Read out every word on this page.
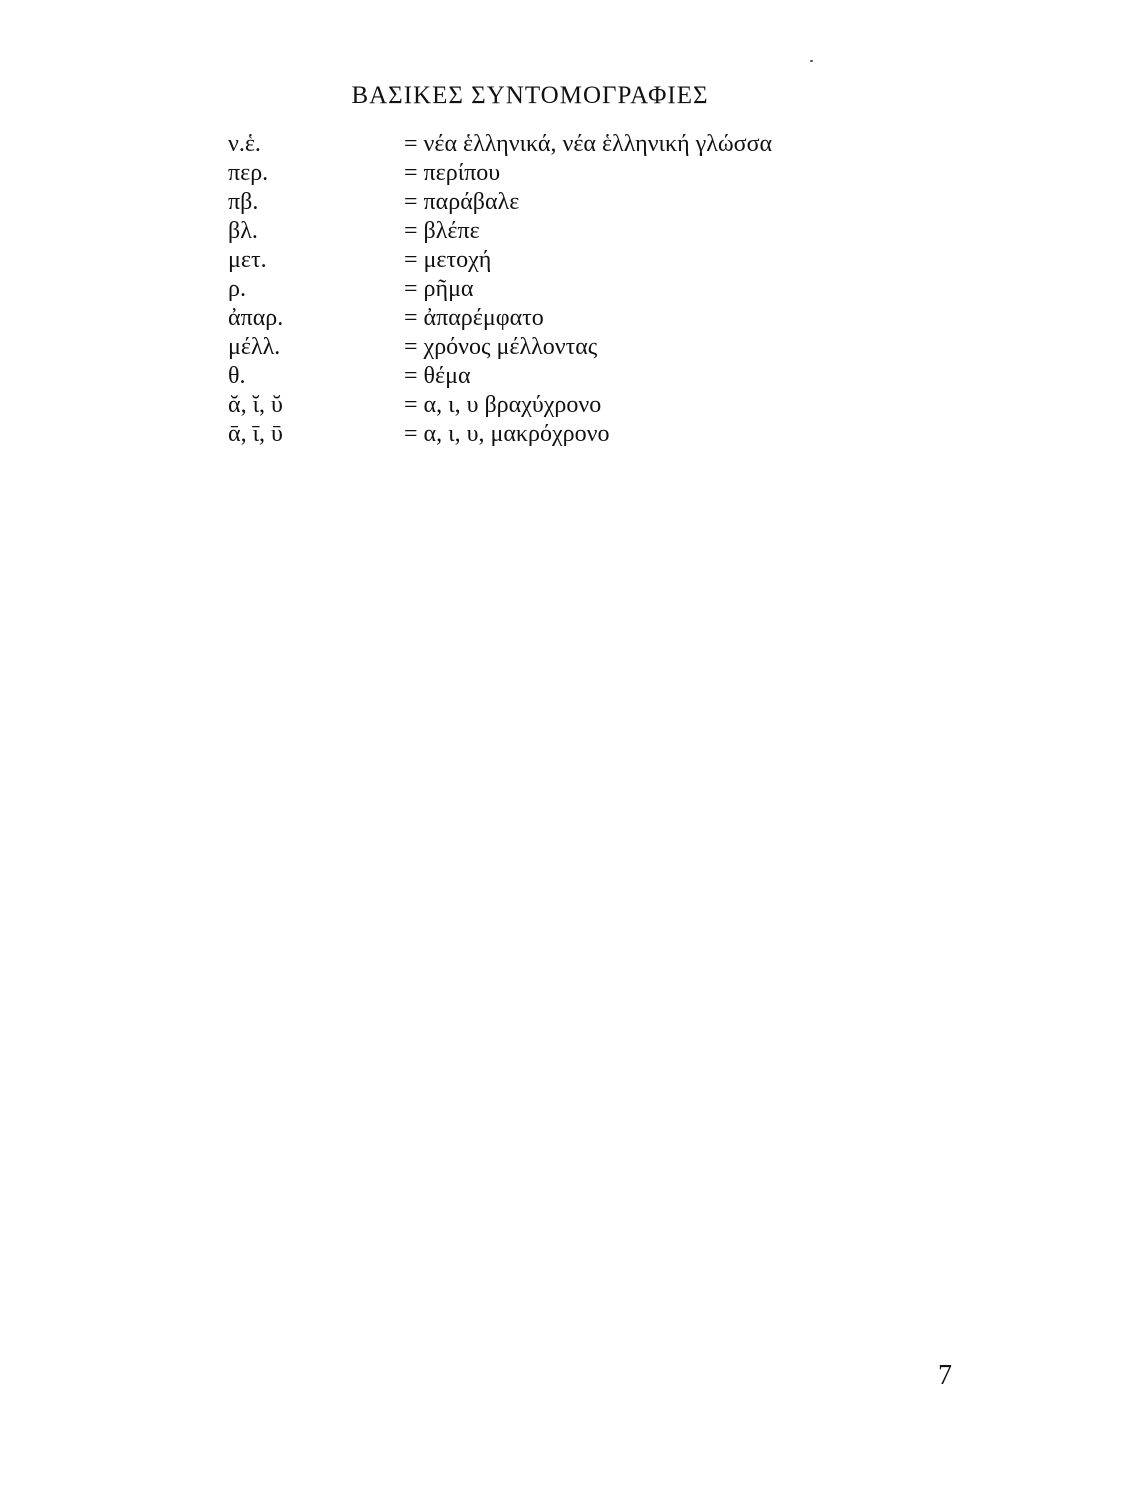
ΒΑΣΙΚΕΣ ΣΥΝΤΟΜΟΓΡΑΦΙΕΣ
ν.ἑ.	= νέα ἑλληνικά, νέα ἑλληνική γλώσσα
περ.	= περίπου
πβ.	= παράβαλε
βλ.	= βλέπε
μετ.	= μετοχή
ρ.	= ρῆμα
ἀπαρ.	= ἀπαρέμφατο
μέλλ.	= χρόνος μέλλοντας
θ.	= θέμα
ᾰ, ῐ, ῠ	= α, ι, υ βραχύχρονο
ᾱ, ῑ, ῡ	= α, ι, υ, μακρόχρονο
7
